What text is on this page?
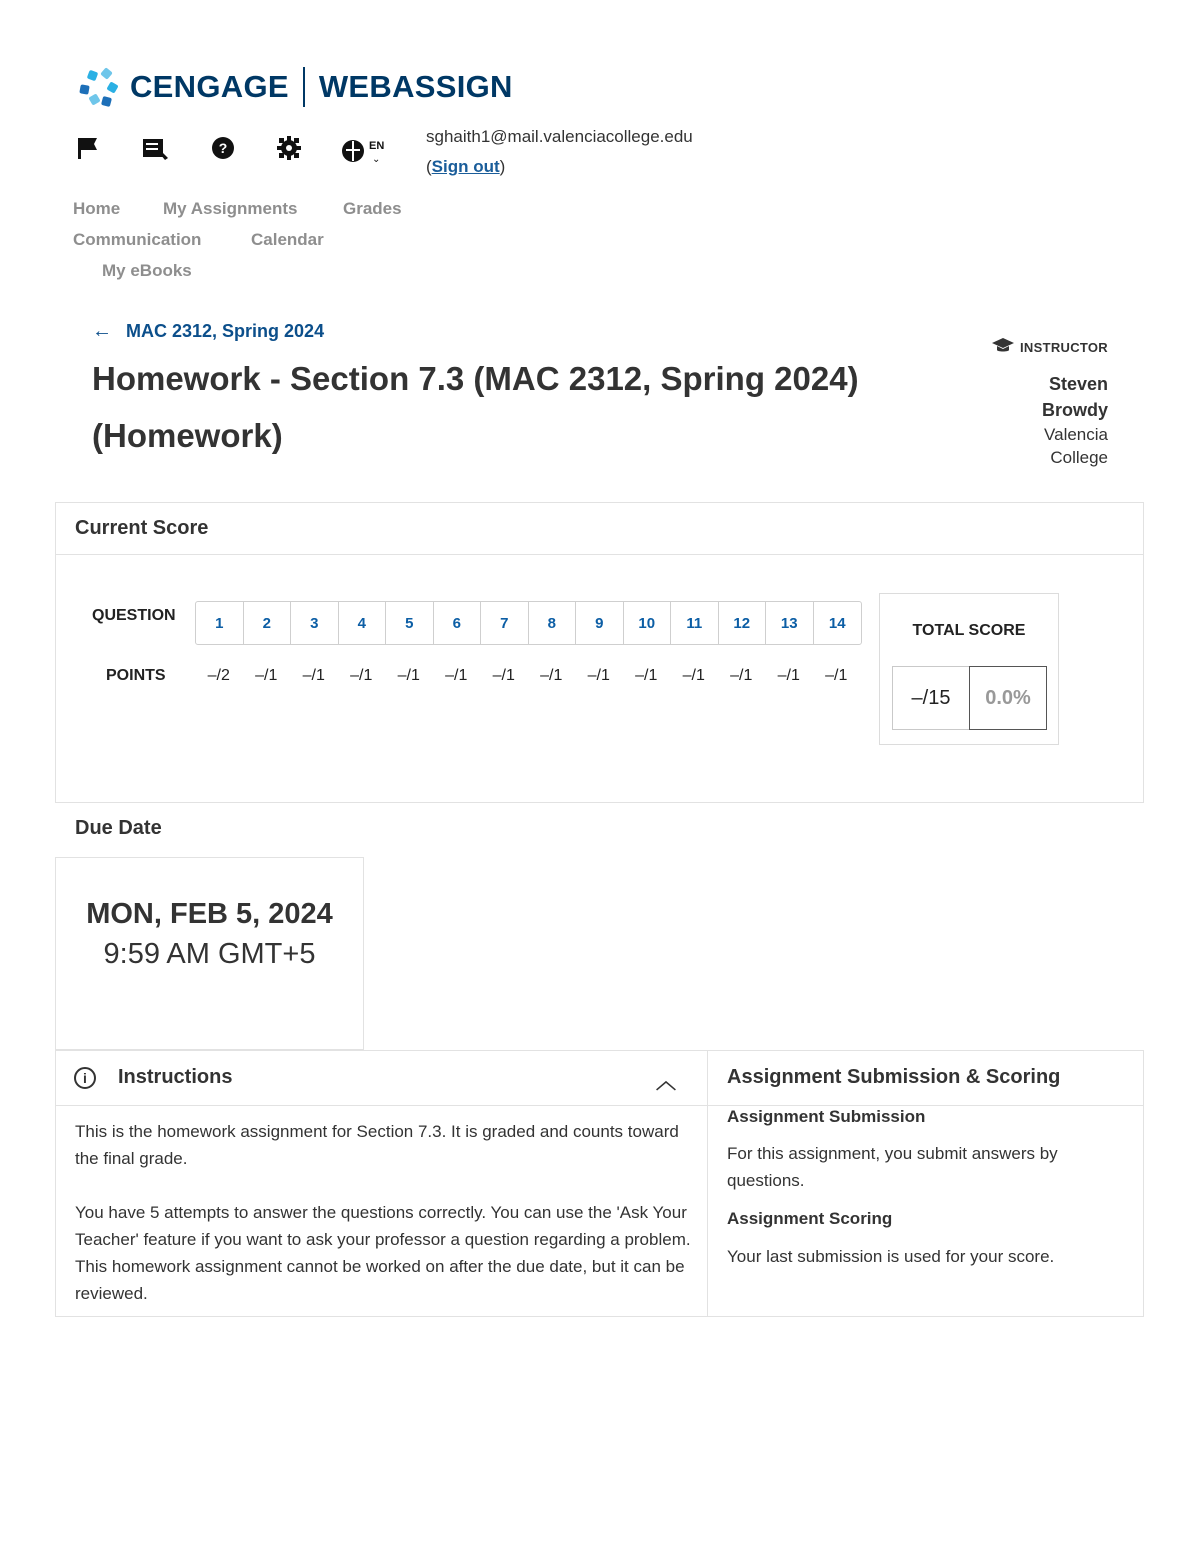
CENGAGE WEBASSIGN
?	EN
⌄
sghaith1@mail.valenciacollege.edu
(Sign out)
Home	My Assignments	Grades
Communication	Calendar
My eBooks
← MAC 2312, Spring 2024
Homework - Section 7.3 (MAC 2312, Spring 2024) (Homework)
INSTRUCTOR
Steven
Browdy
Valencia
College
Current Score
QUESTION
POINTS
1	2	3	4	5	6	7	8	9	10	11	12	13	14
–/2	–/1	–/1	–/1	–/1	–/1	–/1	–/1	–/1	–/1	–/1	–/1	–/1	–/1
TOTAL SCORE
–/15	0.0%
Due Date
MON, FEB 5, 2024
9:59 AM GMT+5
i	Instructions	︿

This is the homework assignment for Section 7.3. It is graded and counts toward the final grade.

You have 5 attempts to answer the questions correctly. You can use the 'Ask Your Teacher' feature if you want to ask your professor a question regarding a problem. This homework assignment cannot be worked on after the due date, but it can be reviewed.

Assignment Submission & Scoring
Assignment Submission
For this assignment, you submit answers by questions.
Assignment Scoring
Your last submission is used for your score.
